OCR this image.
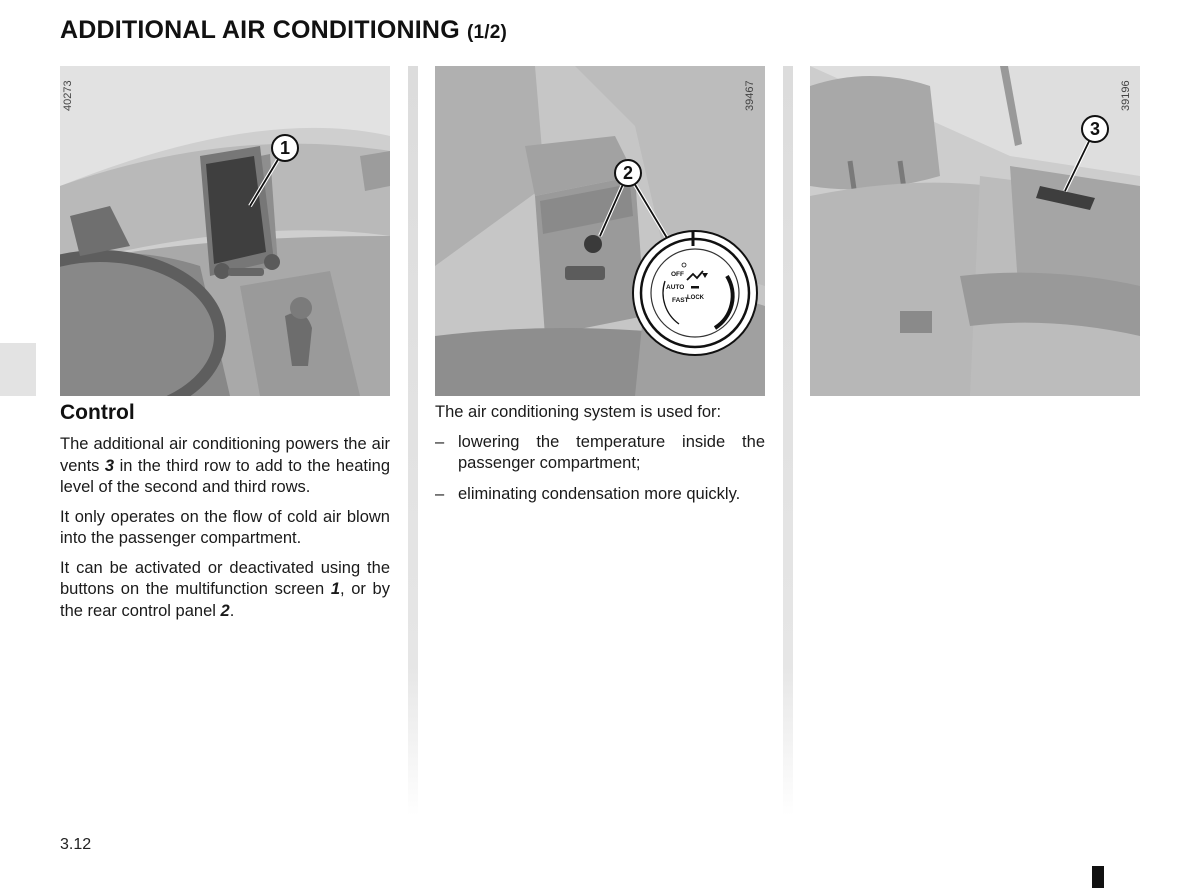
ADDITIONAL AIR CONDITIONING (1/2)
1
40273
2
OFF
AUTO
FAST
LOCK
39467
3
39196
Control

The additional air conditioning powers the air vents 3 in the third row to add to the heating level of the second and third rows.

It only operates on the flow of cold air blown into the passenger compartment.

It can be activated or deactivated using the buttons on the multifunction screen 1, or by the rear control panel 2.

The air conditioning system is used for:

– lowering the temperature inside the passenger compartment;
– eliminating condensation more quickly.
3.12
